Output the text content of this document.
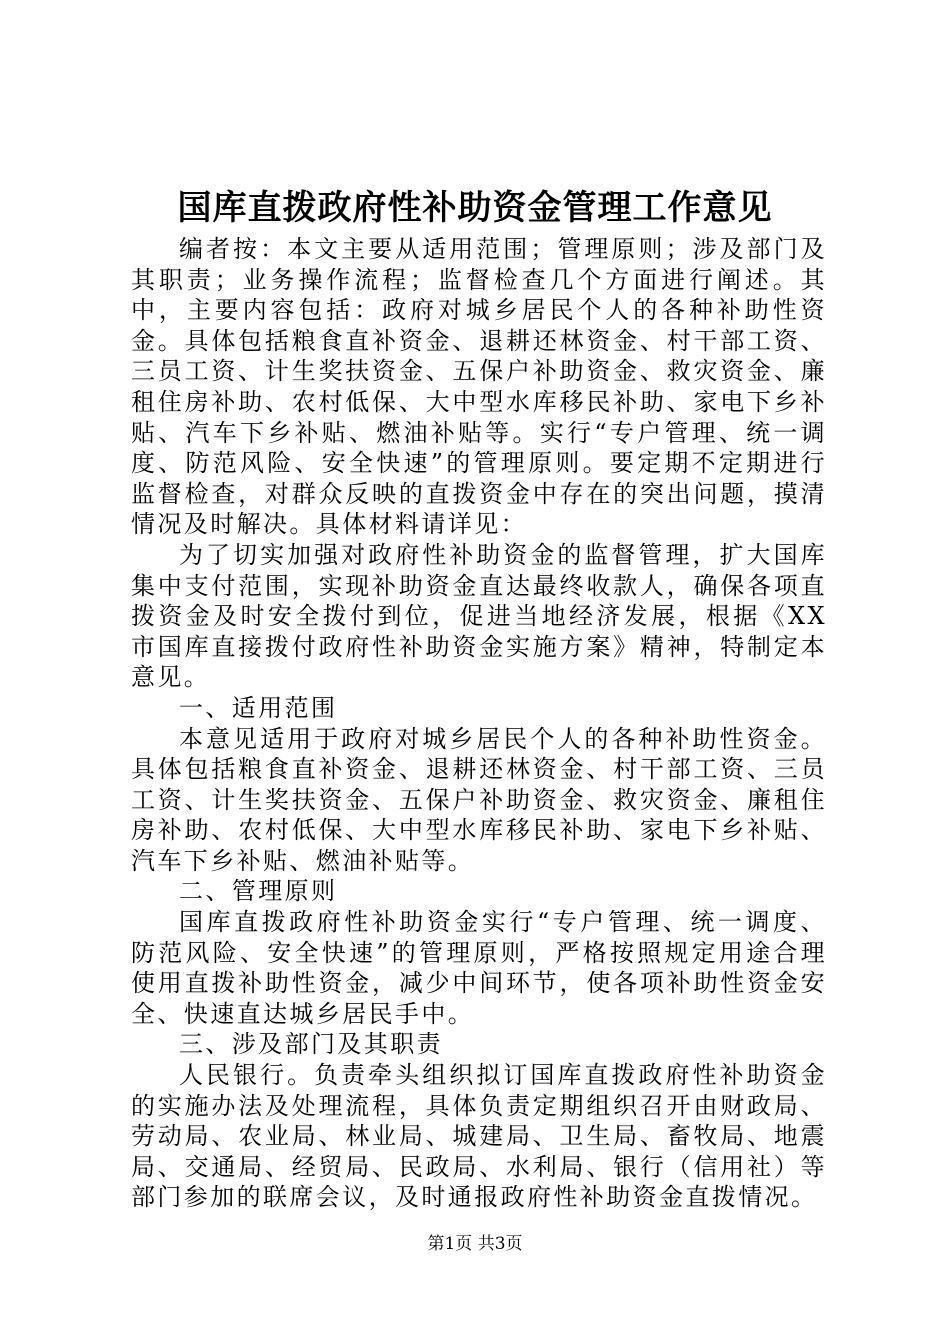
国库直拨政府性补助资金管理工作意见

编者按：本文主要从适用范围；管理原则；涉及部门及其职责；业务操作流程；监督检查几个方面进行阐述。其中，主要内容包括：政府对城乡居民个人的各种补助性资金。具体包括粮食直补资金、退耕还林资金、村干部工资、三员工资、计生奖扶资金、五保户补助资金、救灾资金、廉租住房补助、农村低保、大中型水库移民补助、家电下乡补贴、汽车下乡补贴、燃油补贴等。实行“专户管理、统一调度、防范风险、安全快速”的管理原则。要定期不定期进行监督检查，对群众反映的直拨资金中存在的突出问题，摸清情况及时解决。具体材料请详见：

为了切实加强对政府性补助资金的监督管理，扩大国库集中支付范围，实现补助资金直达最终收款人，确保各项直拨资金及时安全拨付到位，促进当地经济发展，根据《XX市国库直接拨付政府性补助资金实施方案》精神，特制定本意见。

一、适用范围

本意见适用于政府对城乡居民个人的各种补助性资金。具体包括粮食直补资金、退耕还林资金、村干部工资、三员工资、计生奖扶资金、五保户补助资金、救灾资金、廉租住房补助、农村低保、大中型水库移民补助、家电下乡补贴、汽车下乡补贴、燃油补贴等。

二、管理原则

国库直拨政府性补助资金实行“专户管理、统一调度、防范风险、安全快速”的管理原则，严格按照规定用途合理使用直拨补助性资金，减少中间环节，使各项补助性资金安全、快速直达城乡居民手中。

三、涉及部门及其职责

人民银行。负责牵头组织拟订国库直拨政府性补助资金的实施办法及处理流程，具体负责定期组织召开由财政局、劳动局、农业局、林业局、城建局、卫生局、畜牧局、地震局、交通局、经贸局、民政局、水利局、银行（信用社）等部门参加的联席会议，及时通报政府性补助资金直拨情况。

第1页 共3页
